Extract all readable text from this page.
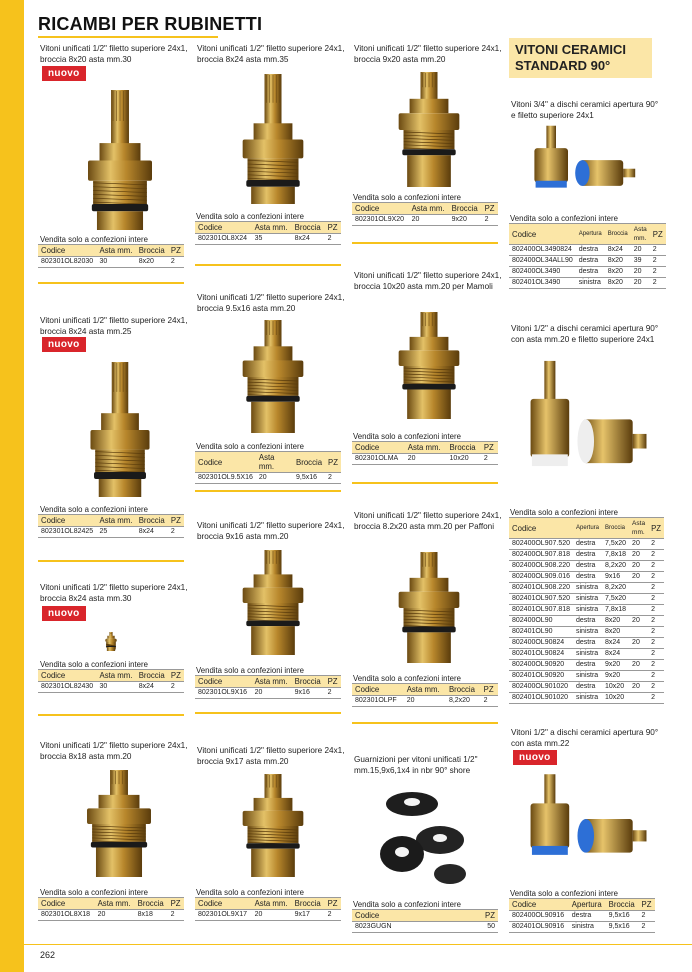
RICAMBI PER RUBINETTI
Vitoni unificati 1/2" filetto superiore 24x1, broccia 8x20 asta mm.30
nuovo
Vendita solo a confezioni intere
Codice	Asta mm.	Broccia	PZ
802301OL82030	30	8x20	2
Vitoni unificati 1/2" filetto superiore 24x1, broccia 8x24 asta mm.25
nuovo
Vendita solo a confezioni intere
Codice	Asta mm.	Broccia	PZ
802301OL82425	25	8x24	2
Vitoni unificati 1/2" filetto superiore 24x1, broccia 8x24 asta mm.30
nuovo
Vendita solo a confezioni intere
Codice	Asta mm.	Broccia	PZ
802301OL82430	30	8x24	2
Vitoni unificati 1/2" filetto superiore 24x1, broccia 8x18 asta mm.20
Vendita solo a confezioni intere
Codice	Asta mm.	Broccia	PZ
802301OL8X18	20	8x18	2
Vitoni unificati 1/2" filetto superiore 24x1, broccia 8x24 asta mm.35
Vendita solo a confezioni intere
Codice	Asta mm.	Broccia	PZ
802301OL8X24	35	8x24	2
Vitoni unificati 1/2" filetto superiore 24x1, broccia 9.5x16 asta mm.20
Vendita solo a confezioni intere
Codice	Asta mm.	Broccia	PZ
802301OL9.5X16	20	9,5x16	2
Vitoni unificati 1/2" filetto superiore 24x1, broccia 9x16 asta mm.20
Vendita solo a confezioni intere
Codice	Asta mm.	Broccia	PZ
802301OL9X16	20	9x16	2
Vitoni unificati 1/2" filetto superiore 24x1, broccia 9x17 asta mm.20
Vendita solo a confezioni intere
Codice	Asta mm.	Broccia	PZ
802301OL9X17	20	9x17	2
Vitoni unificati 1/2" filetto superiore 24x1, broccia 9x20 asta mm.20
Vendita solo a confezioni intere
Codice	Asta mm.	Broccia	PZ
802301OL9X20	20	9x20	2
Vitoni unificati 1/2" filetto superiore 24x1, broccia 10x20 asta mm.20 per Mamoli
Vendita solo a confezioni intere
Codice	Asta mm.	Broccia	PZ
802301OLMA	20	10x20	2
Vitoni unificati 1/2" filetto superiore 24x1, broccia 8.2x20 asta mm.20 per Paffoni
Vendita solo a confezioni intere
Codice	Asta mm.	Broccia	PZ
802301OLPF	20	8,2x20	2
Guarnizioni per vitoni unificati 1/2" mm.15,9x6,1x4 in nbr 90° shore
Vendita solo a confezioni intere
Codice	PZ
8023GUGN	50
VITONI CERAMICI
STANDARD 90°
Vitoni 3/4" a dischi ceramici apertura 90° e filetto superiore 24x1
Vendita solo a confezioni intere
Codice	Apertura	Broccia	Asta mm.	PZ
802400OL3490824	destra	8x24	20	2
802400OL34ALL90	destra	8x20	39	2
802400OL3490	destra	8x20	20	2
802401OL3490	sinistra	8x20	20	2
Vitoni 1/2" a dischi ceramici apertura 90° con asta mm.20 e filetto superiore 24x1
Vendita solo a confezioni intere
Codice	Apertura	Broccia	Asta mm.	PZ
802400OL907.520	destra	7,5x20	20	2
802400OL907.818	destra	7,8x18	20	2
802400OL908.220	destra	8,2x20	20	2
802400OL909.016	destra	9x16	20	2
802401OL908.220	sinistra	8,2x20		2
802401OL907.520	sinistra	7,5x20		2
802401OL907.818	sinistra	7,8x18		2
802400OL90	destra	8x20	20	2
802401OL90	sinistra	8x20		2
802400OL90824	destra	8x24	20	2
802401OL90824	sinistra	8x24		2
802400OL90920	destra	9x20	20	2
802401OL90920	sinistra	9x20		2
802400OL901020	destra	10x20	20	2
802401OL901020	sinistra	10x20		2
Vitoni 1/2" a dischi ceramici apertura 90° con asta mm.22
nuovo
Vendita solo a confezioni intere
Codice	Apertura	Broccia	PZ
802400OL90916	destra	9,5x16	2
802401OL90916	sinistra	9,5x16	2
262
